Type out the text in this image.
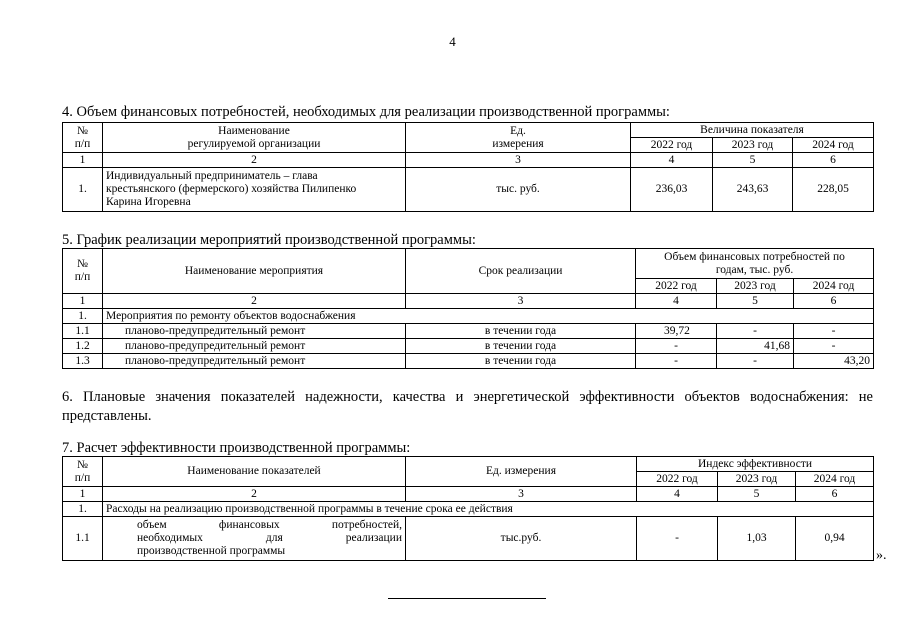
4
4. Объем финансовых потребностей, необходимых для реализации производственной программы:
№
п/п	Наименование
регулируемой организации	Ед.
измерения	Величина показателя		
			2022 год	2023 год	2024 год
1	2	3	4	5	6
1.	Индивидуальный предприниматель – глава
крестьянского (фермерского) хозяйства Пилипенко
Карина Игоревна	тыс. руб.	236,03	243,63	228,05
5. График реализации мероприятий производственной программы:
№
п/п	Наименование мероприятия	Срок реализации	Объем финансовых потребностей по
годам, тыс. руб.		
			2022 год	2023 год	2024 год
1	2	3	4	5	6
1.	Мероприятия по ремонту объектов водоснабжения				
1.1	планово-предупредительный ремонт	в течении года	39,72	-	-
1.2	планово-предупредительный ремонт	в течении года	-	41,68	-
1.3	планово-предупредительный ремонт	в течении года	-	-	43,20
6. Плановые значения показателей надежности, качества и энергетической эффективности объектов водоснабжения: не представлены.
7. Расчет эффективности производственной программы:
№
п/п	Наименование показателей	Ед. измерения	Индекс эффективности		
			2022 год	2023 год	2024 год
1	2	3	4	5	6
1.	Расходы на реализацию производственной программы в течение срока ее действия				
1.1	объем финансовых потребностей,
необходимых для реализации
производственной программы	тыс.руб.	-	1,03	0,94
».
